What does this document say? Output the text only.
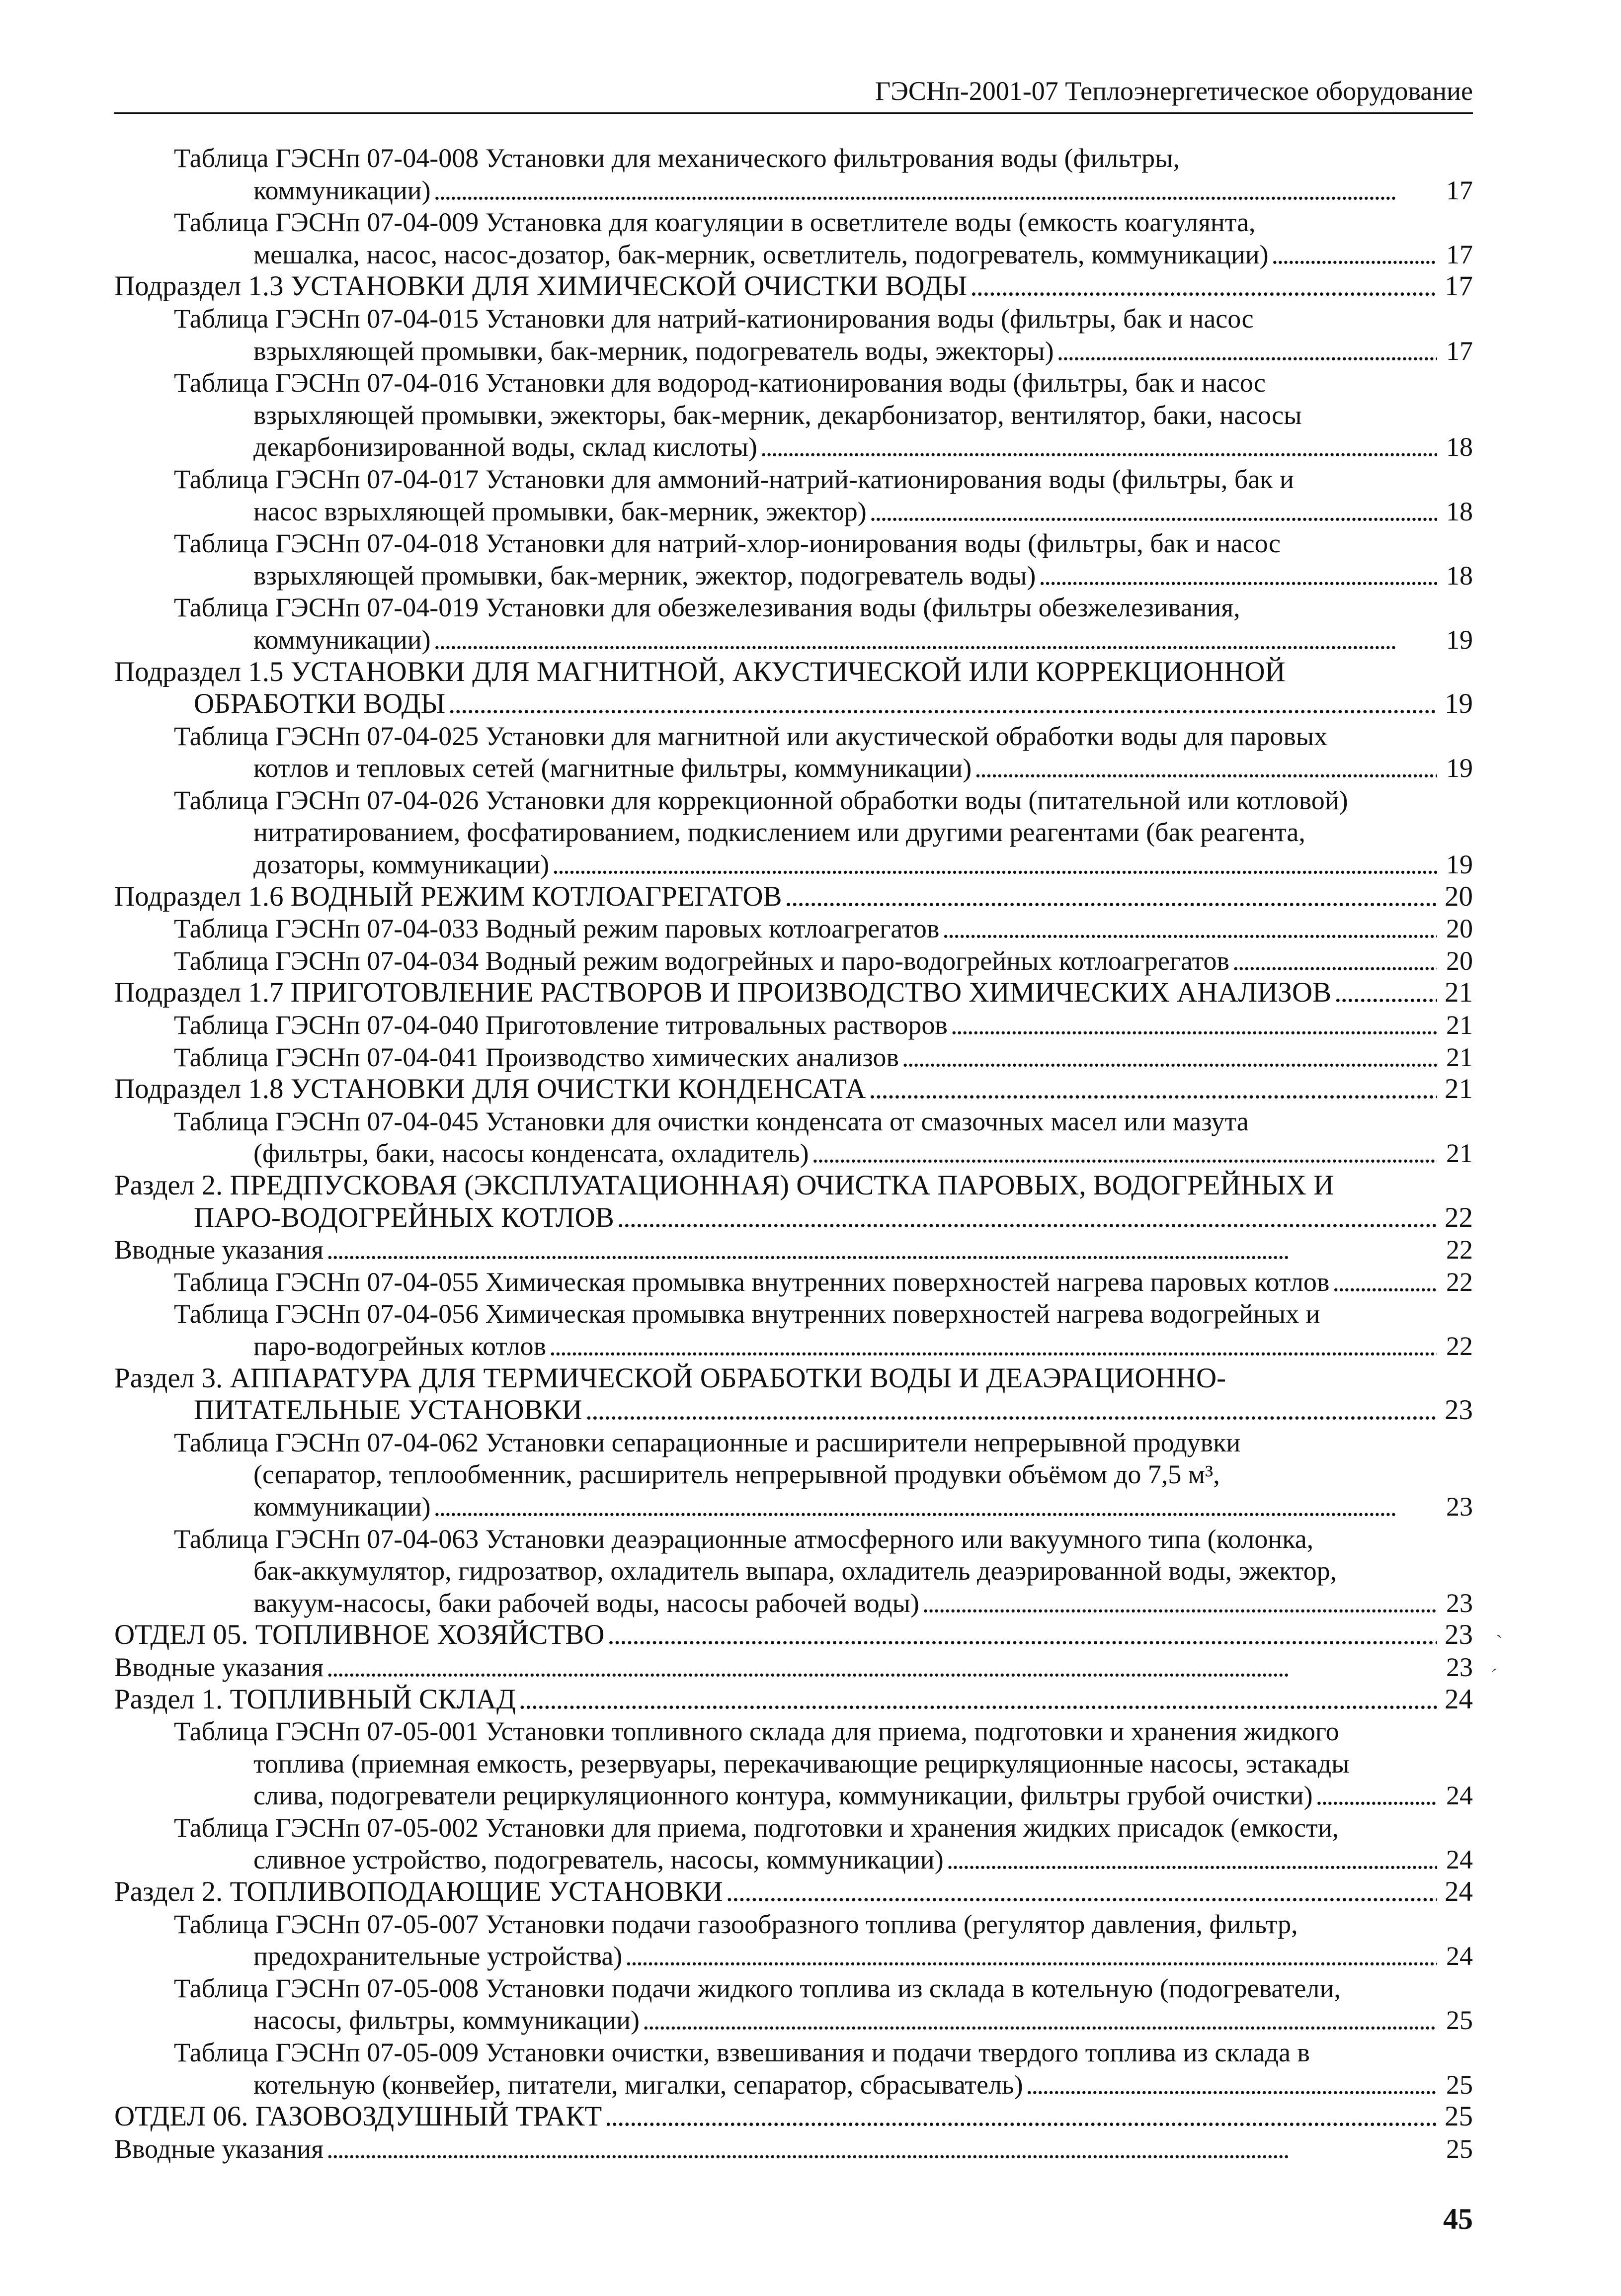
ГЭСНп-2001-07 Теплоэнергетическое оборудование
Таблица ГЭСНп 07-04-008 Установки для механического фильтрования воды (фильтры,
коммуникации) . . .	17
Таблица ГЭСНп 07-04-009 Установка для коагуляции в осветлителе воды (емкость коагулянта,
мешалка, насос, насос-дозатор, бак-мерник, осветлитель, подогреватель, коммуникации) . . .	17
Подраздел 1.3 УСТАНОВКИ ДЛЯ ХИМИЧЕСКОЙ ОЧИСТКИ ВОДЫ . . .	17
Таблица ГЭСНп 07-04-015 Установки для натрий-катионирования воды (фильтры, бак и насос
взрыхляющей промывки, бак-мерник, подогреватель воды, эжекторы) . . .	17
Таблица ГЭСНп 07-04-016 Установки для водород-катионирования воды (фильтры, бак и насос
взрыхляющей промывки, эжекторы, бак-мерник, декарбонизатор, вентилятор, баки, насосы
декарбонизированной воды, склад кислоты) . . .	18
Таблица ГЭСНп 07-04-017 Установки для аммоний-натрий-катионирования воды (фильтры, бак и
насос взрыхляющей промывки, бак-мерник, эжектор) . . .	18
Таблица ГЭСНп 07-04-018 Установки для натрий-хлор-ионирования воды (фильтры, бак и насос
взрыхляющей промывки, бак-мерник, эжектор, подогреватель воды) . . .	18
Таблица ГЭСНп 07-04-019 Установки для обезжелезивания воды (фильтры обезжелезивания,
коммуникации) . . .	19
Подраздел 1.5 УСТАНОВКИ ДЛЯ МАГНИТНОЙ, АКУСТИЧЕСКОЙ ИЛИ КОРРЕКЦИОННОЙ
ОБРАБОТКИ ВОДЫ . . .	19
Таблица ГЭСНп 07-04-025 Установки для магнитной или акустической обработки воды для паровых
котлов и тепловых сетей (магнитные фильтры, коммуникации) . . .	19
Таблица ГЭСНп 07-04-026 Установки для коррекционной обработки воды (питательной или котловой)
нитратированием, фосфатированием, подкислением или другими реагентами (бак реагента,
дозаторы, коммуникации) . . .	19
Подраздел 1.6 ВОДНЫЙ РЕЖИМ КОТЛОАГРЕГАТОВ . . .	20
Таблица ГЭСНп 07-04-033 Водный режим паровых котлоагрегатов . . .	20
Таблица ГЭСНп 07-04-034 Водный режим водогрейных и паро-водогрейных котлоагрегатов . . .	20
Подраздел 1.7 ПРИГОТОВЛЕНИЕ РАСТВОРОВ И ПРОИЗВОДСТВО ХИМИЧЕСКИХ АНАЛИЗОВ . . .	21
Таблица ГЭСНп 07-04-040 Приготовление титровальных растворов . . .	21
Таблица ГЭСНп 07-04-041 Производство химических анализов . . .	21
Подраздел 1.8 УСТАНОВКИ ДЛЯ ОЧИСТКИ КОНДЕНСАТА . . .	21
Таблица ГЭСНп 07-04-045 Установки для очистки конденсата от смазочных масел или мазута
(фильтры, баки, насосы конденсата, охладитель) . . .	21
Раздел 2. ПРЕДПУСКОВАЯ (ЭКСПЛУАТАЦИОННАЯ) ОЧИСТКА ПАРОВЫХ, ВОДОГРЕЙНЫХ И
ПАРО-ВОДОГРЕЙНЫХ КОТЛОВ . . .	22
Вводные указания . . .	22
Таблица ГЭСНп 07-04-055 Химическая промывка внутренних поверхностей нагрева паровых котлов . . .	22
Таблица ГЭСНп 07-04-056 Химическая промывка внутренних поверхностей нагрева водогрейных и
паро-водогрейных котлов . . .	22
Раздел 3. АППАРАТУРА ДЛЯ ТЕРМИЧЕСКОЙ ОБРАБОТКИ ВОДЫ И ДЕАЭРАЦИОННО-
ПИТАТЕЛЬНЫЕ УСТАНОВКИ . . .	23
Таблица ГЭСНп 07-04-062 Установки сепарационные и расширители непрерывной продувки
(сепаратор, теплообменник, расширитель непрерывной продувки объёмом до 7,5 м³,
коммуникации) . . .	23
Таблица ГЭСНп 07-04-063 Установки деаэрационные атмосферного или вакуумного типа (колонка,
бак-аккумулятор, гидрозатвор, охладитель выпара, охладитель деаэрированной воды, эжектор,
вакуум-насосы, баки рабочей воды, насосы рабочей воды) . . .	23
ОТДЕЛ 05. ТОПЛИВНОЕ ХОЗЯЙСТВО . . .	23
Вводные указания . . .	23
Раздел 1. ТОПЛИВНЫЙ СКЛАД . . .	24
Таблица ГЭСНп 07-05-001 Установки топливного склада для приема, подготовки и хранения жидкого
топлива (приемная емкость, резервуары, перекачивающие рециркуляционные насосы, эстакады
слива, подогреватели рециркуляционного контура, коммуникации, фильтры грубой очистки) . . .	24
Таблица ГЭСНп 07-05-002 Установки для приема, подготовки и хранения жидких присадок (емкости,
сливное устройство, подогреватель, насосы, коммуникации) . . .	24
Раздел 2. ТОПЛИВОПОДАЮЩИЕ УСТАНОВКИ . . .	24
Таблица ГЭСНп 07-05-007 Установки подачи газообразного топлива (регулятор давления, фильтр,
предохранительные устройства) . . .	24
Таблица ГЭСНп 07-05-008 Установки подачи жидкого топлива из склада в котельную (подогреватели,
насосы, фильтры, коммуникации) . . .	25
Таблица ГЭСНп 07-05-009 Установки очистки, взвешивания и подачи твердого топлива из склада в
котельную (конвейер, питатели, мигалки, сепаратор, сбрасыватель) . . .	25
ОТДЕЛ 06. ГАЗОВОЗДУШНЫЙ ТРАКТ . . .	25
Вводные указания . . .	25
`
´
45
